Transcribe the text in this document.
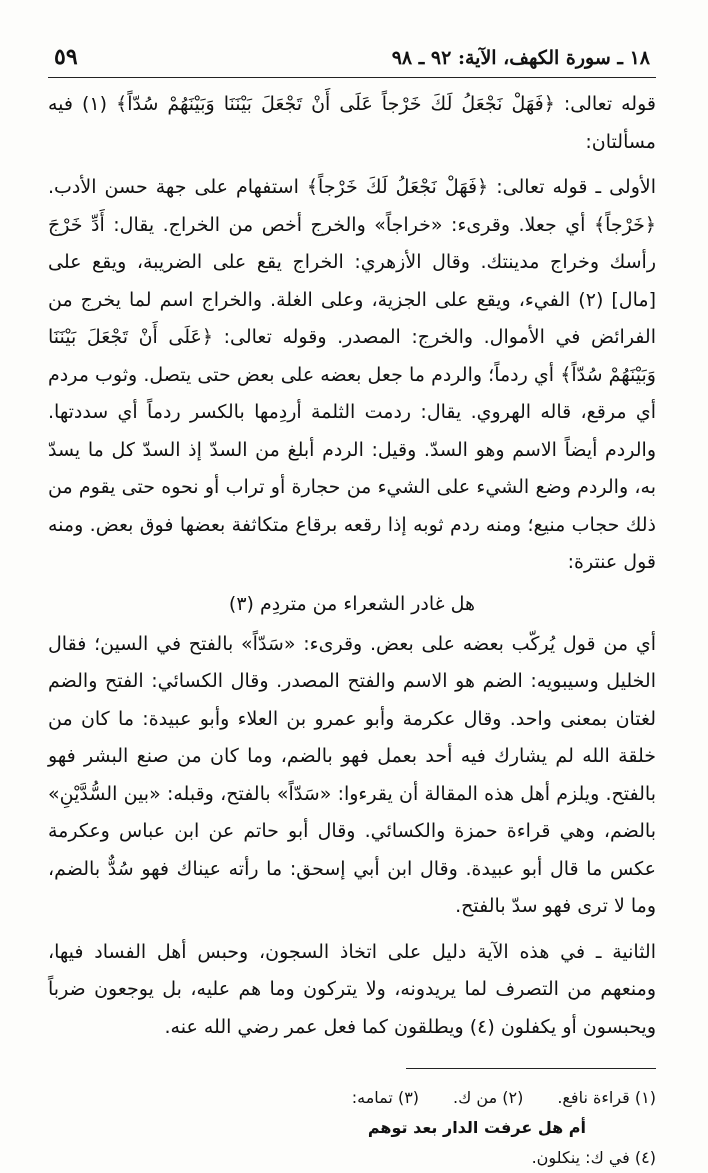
١٨ ـ سورة الكهف، الآية: ٩٢ ـ ٩٨
٥٩

قوله تعالى: ﴿فَهَلْ نَجْعَلُ لَكَ خَرْجاً عَلَى أَنْ تَجْعَلَ بَيْنَنَا وَبَيْنَهُمْ سُدّاً﴾ (١) فيه مسألتان:

الأولى ـ قوله تعالى: ﴿فَهَلْ نَجْعَلُ لَكَ خَرْجاً﴾ استفهام على جهة حسن الأدب. ﴿خَرْجاً﴾ أي جعلا. وقرىء: «خراجاً» والخرج أخص من الخراج. يقال: أَدِّ خَرْجَ رأسك وخراج مدينتك. وقال الأزهري: الخراج يقع على الضريبة، ويقع على [مال] (٢) الفيء، ويقع على الجزية، وعلى الغلة. والخراج اسم لما يخرج من الفرائض في الأموال. والخرج: المصدر. وقوله تعالى: ﴿عَلَى أَنْ تَجْعَلَ بَيْنَنَا وَبَيْنَهُمْ سُدّاً﴾ أي ردماً؛ والردم ما جعل بعضه على بعض حتى يتصل. وثوب مردم أي مرقع، قاله الهروي. يقال: ردمت الثلمة أردِمها بالكسر ردماً أي سددتها. والردم أيضاً الاسم وهو السدّ. وقيل: الردم أبلغ من السدّ إذ السدّ كل ما يسدّ به، والردم وضع الشيء على الشيء من حجارة أو تراب أو نحوه حتى يقوم من ذلك حجاب منيع؛ ومنه ردم ثوبه إذا رقعه برقاع متكاثفة بعضها فوق بعض. ومنه قول عنترة:

هل غادر الشعراء من متردِم (٣)

أي من قول يُركّب بعضه على بعض. وقرىء: «سَدّاً» بالفتح في السين؛ فقال الخليل وسيبويه: الضم هو الاسم والفتح المصدر. وقال الكسائي: الفتح والضم لغتان بمعنى واحد. وقال عكرمة وأبو عمرو بن العلاء وأبو عبيدة: ما كان من خلقة الله لم يشارك فيه أحد بعمل فهو بالضم، وما كان من صنع البشر فهو بالفتح. ويلزم أهل هذه المقالة أن يقرءوا: «سَدّاً» بالفتح، وقبله: «بين السُّدَّيْنِ» بالضم، وهي قراءة حمزة والكسائي. وقال أبو حاتم عن ابن عباس وعكرمة عكس ما قال أبو عبيدة. وقال ابن أبي إسحق: ما رأته عيناك فهو سُدٌّ بالضم، وما لا ترى فهو سدّ بالفتح.

الثانية ـ في هذه الآية دليل على اتخاذ السجون، وحبس أهل الفساد فيها، ومنعهم من التصرف لما يريدونه، ولا يتركون وما هم عليه، بل يوجعون ضرباً ويحبسون أو يكفلون (٤) ويطلقون كما فعل عمر رضي الله عنه.

(١) قراءة نافع.
(٢) من ك.
(٣) تمامه:
أم هل عرفت الدار بعد توهم
(٤) في ك: ينكلون.
